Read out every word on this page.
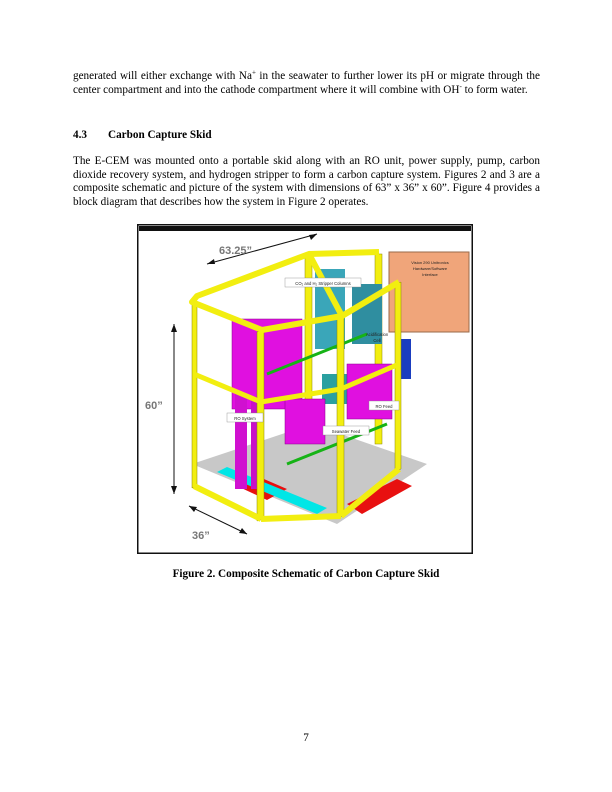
generated will either exchange with Na+ in the seawater to further lower its pH or migrate through the center compartment and into the cathode compartment where it will combine with OH- to form water.

4.3 Carbon Capture Skid

The E-CEM was mounted onto a portable skid along with an RO unit, power supply, pump, carbon dioxide recovery system, and hydrogen stripper to form a carbon capture system. Figures 2 and 3 are a composite schematic and picture of the system with dimensions of 63” x 36” x 60”. Figure 4 provides a block diagram that describes how the system in Figure 2 operates.

Vision 290 Unitronics
Hardware/Software
Interface
CO₂ and H₂ Stripper Columns
Acidification
Cell
RO Feed
RO System
Seawater Feed
63.25”
60”
36”
Figure 2. Composite Schematic of Carbon Capture Skid
7
